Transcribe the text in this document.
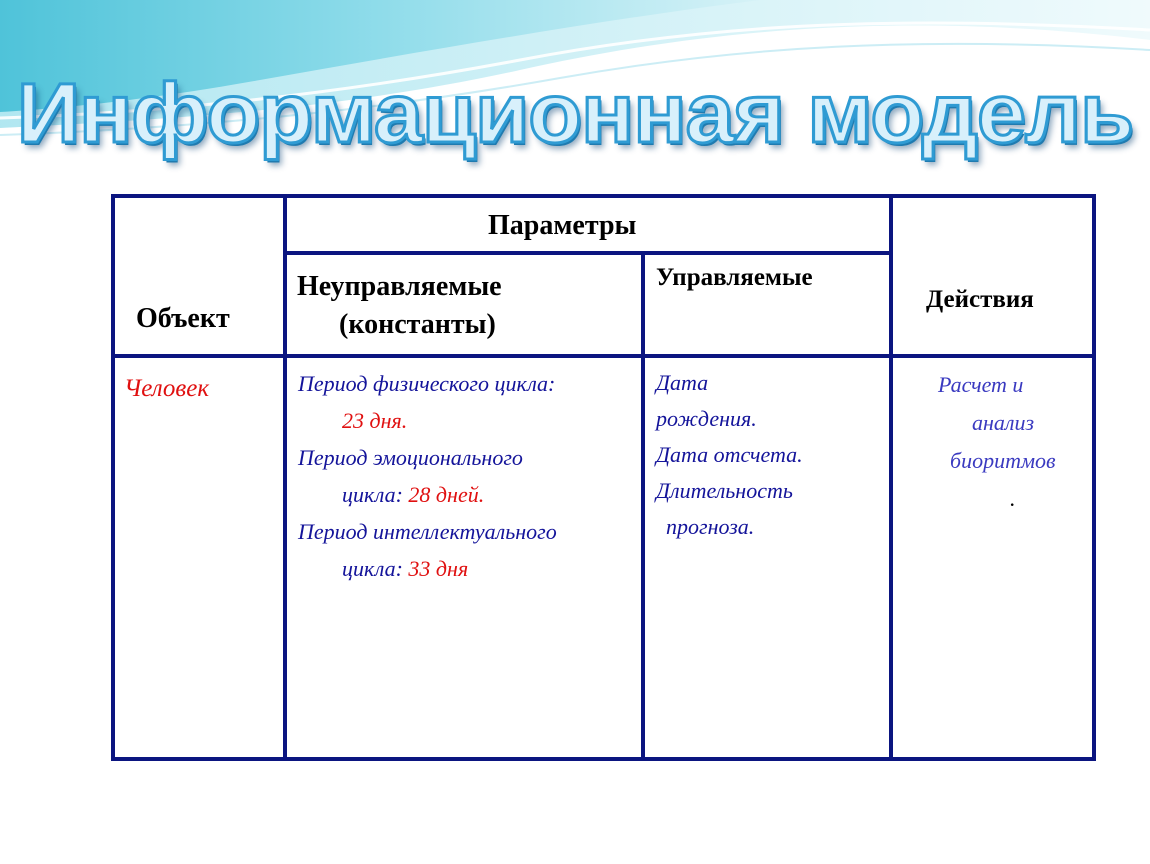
Информационная модель
Объект
Параметры
Неуправляемые
(константы)
Управляемые
Действия
Человек	Период физического цикла:
23 дня.
Период эмоционального
цикла: 28 дней.
Период интеллектуального
цикла: 33 дня
Дата
рождения.
Дата отсчета.
Длительность
прогноза.
Расчет и
анализ
биоритмов
.
